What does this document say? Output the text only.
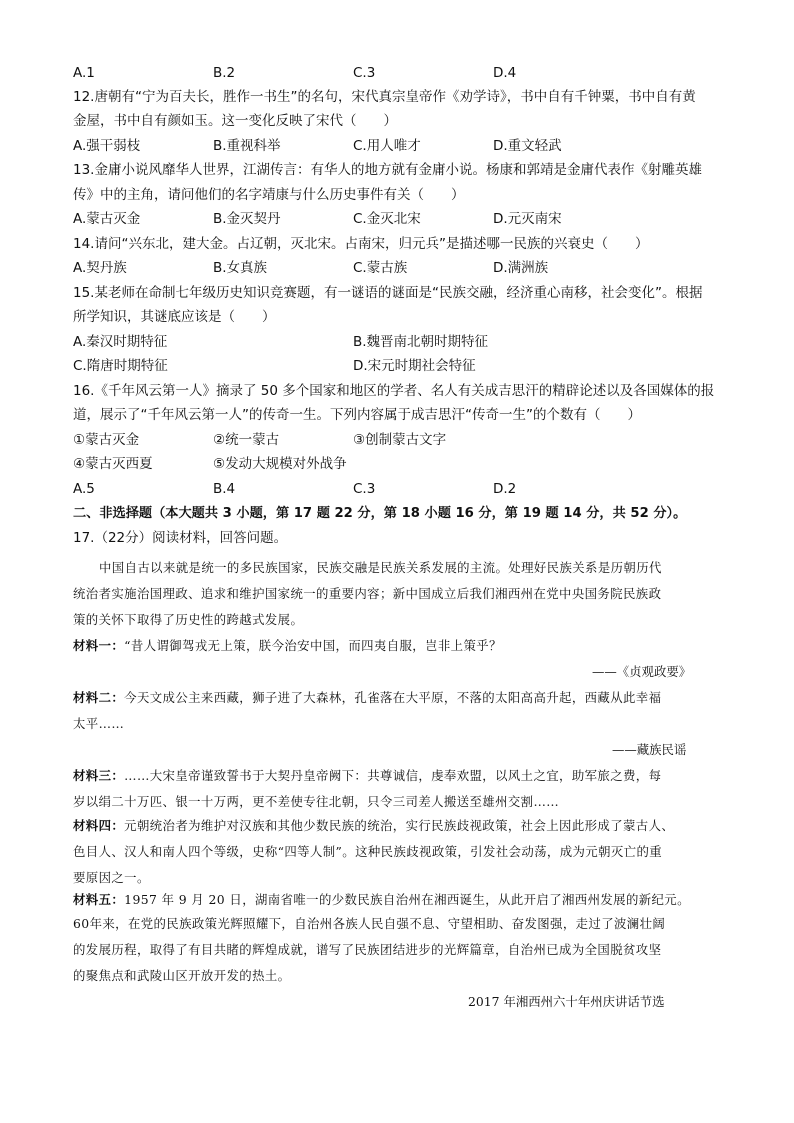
A.1	B.2	C.3	D.4
12.唐朝有“宁为百夫长，胜作一书生”的名句，宋代真宗皇帝作《劝学诗》，书中自有千钟粟，书中自有黄
金屋，书中自有颜如玉。这一变化反映了宋代（　　）
A.强干弱枝	B.重视科举	C.用人唯才	D.重文轻武
13.金庸小说风靡华人世界，江湖传言：有华人的地方就有金庸小说。杨康和郭靖是金庸代表作《射雕英雄
传》中的主角，请问他们的名字靖康与什么历史事件有关（　　）
A.蒙古灭金	B.金灭契丹	C.金灭北宋	D.元灭南宋
14.请问“兴东北，建大金。占辽朝，灭北宋。占南宋，归元兵”是描述哪一民族的兴衰史（　　）
A.契丹族	B.女真族	C.蒙古族	D.满洲族
15.某老师在命制七年级历史知识竞赛题，有一谜语的谜面是“民族交融，经济重心南移，社会变化”。根据
所学知识，其谜底应该是（　　）
A.秦汉时期特征	B.魏晋南北朝时期特征
C.隋唐时期特征	D.宋元时期社会特征
16.《千年风云第一人》摘录了 50 多个国家和地区的学者、名人有关成吉思汗的精辟论述以及各国媒体的报
道，展示了“千年风云第一人”的传奇一生。下列内容属于成吉思汗“传奇一生”的个数有（　　）
①蒙古灭金	②统一蒙古	③创制蒙古文字
④蒙古灭西夏	⑤发动大规模对外战争
A.5	B.4	C.3	D.2
二、非选择题（本大题共 3 小题，第 17 题 22 分，第 18 小题 16 分，第 19 题 14 分，共 52 分）。
17.（22分）阅读材料，回答问题。
中国自古以来就是统一的多民族国家，民族交融是民族关系发展的主流。处理好民族关系是历朝历代
统治者实施治国理政、追求和维护国家统一的重要内容；新中国成立后我们湘西州在党中央国务院民族政
策的关怀下取得了历史性的跨越式发展。
材料一：“昔人谓御驾戎无上策，朕今治安中国，而四夷自服，岂非上策乎？
——《贞观政要》
材料二：今天文成公主来西藏，狮子进了大森林，孔雀落在大平原，不落的太阳高高升起，西藏从此幸福
太平……
——藏族民谣
材料三：……大宋皇帝谨致誓书于大契丹皇帝阙下：共尊诚信，虔奉欢盟，以风土之宜，助军旅之费，每
岁以绢二十万匹、银一十万两，更不差使专往北朝，只令三司差人搬送至雄州交割……
材料四：元朝统治者为维护对汉族和其他少数民族的统治，实行民族歧视政策，社会上因此形成了蒙古人、
色目人、汉人和南人四个等级，史称“四等人制”。这种民族歧视政策，引发社会动荡，成为元朝灭亡的重
要原因之一。
材料五：1957 年 9 月 20 日，湖南省唯一的少数民族自治州在湘西诞生，从此开启了湘西州发展的新纪元。
60年来，在党的民族政策光辉照耀下，自治州各族人民自强不息、守望相助、奋发图强，走过了波澜壮阔
的发展历程，取得了有目共睹的辉煌成就，谱写了民族团结进步的光辉篇章，自治州已成为全国脱贫攻坚
的聚焦点和武陵山区开放开发的热土。
2017 年湘西州六十年州庆讲话节选
